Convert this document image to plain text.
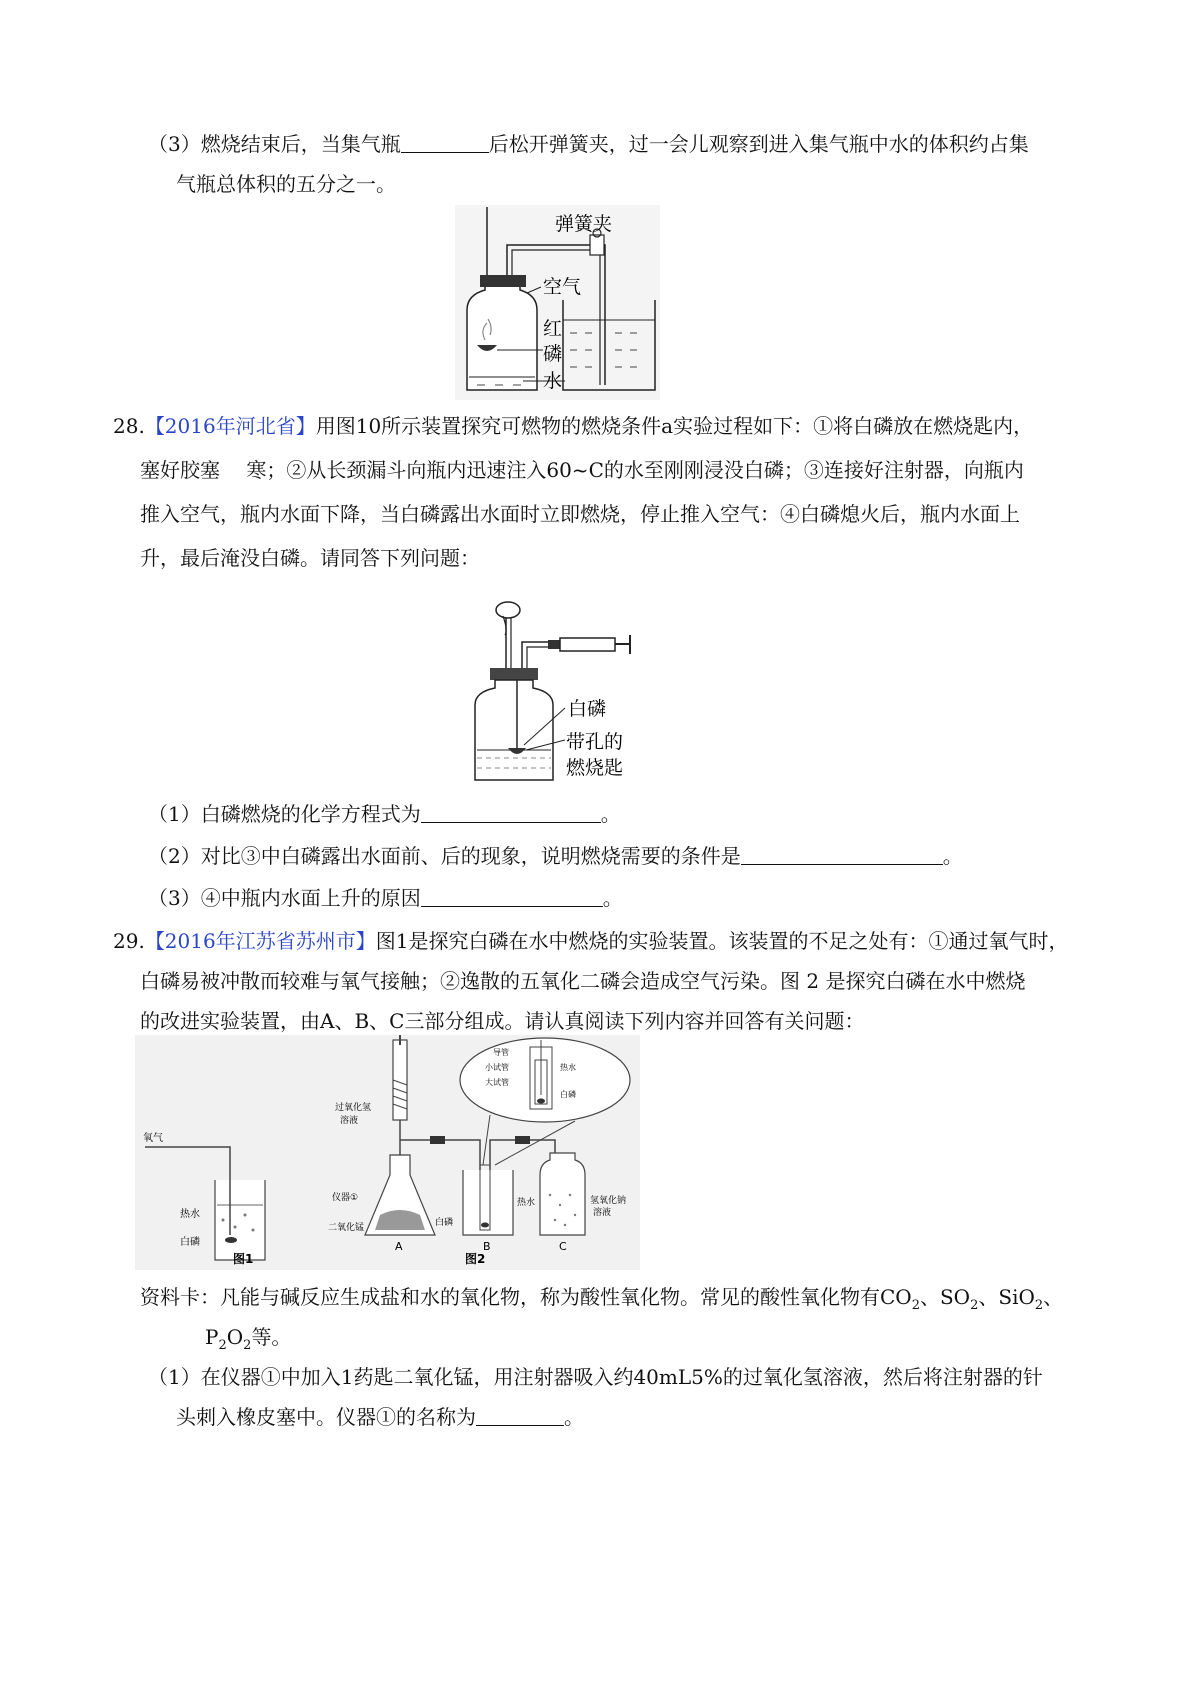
（3）燃烧结束后，当集气瓶	后松开弹簧夹，过一会儿观察到进入集气瓶中水的体积约占集
气瓶总体积的五分之一。
弹簧夹
空气
红
磷
水
28.【2016年河北省】用图10所示装置探究可燃物的燃烧条件a实验过程如下：①将白磷放在燃烧匙内，
塞好胶塞　 寒；②从长颈漏斗向瓶内迅速注入60~C的水至刚刚浸没白磷；③连接好注射器，向瓶内
推入空气，瓶内水面下降，当白磷露出水面时立即燃烧，停止推入空气：④白磷熄火后，瓶内水面上
升，最后淹没白磷。请同答下列问题：
白磷
带孔的
燃烧匙
（1）白磷燃烧的化学方程式为	。
（2）对比③中白磷露出水面前、后的现象，说明燃烧需要的条件是	。
（3）④中瓶内水面上升的原因	。
29.【2016年江苏省苏州市】图1是探究白磷在水中燃烧的实验装置。该装置的不足之处有：①通过氧气时，
白磷易被冲散而较难与氧气接触；②逸散的五氧化二磷会造成空气污染。图 2 是探究白磷在水中燃烧
的改进实验装置，由A、B、C三部分组成。请认真阅读下列内容并回答有关问题：
氧气
热水
白磷
图1
过氧化氢
溶液
仪器①
二氧化锰
A
白磷
热水
B
氢氧化钠
溶液
C
图2
导管
小试管
大试管
热水
白磷
资料卡：凡能与碱反应生成盐和水的氧化物，称为酸性氧化物。常见的酸性氧化物有$CO_2$、$SO_2$、SiO$_2$、
$P_2O_2$等。
（1）在仪器①中加入1药匙二氧化锰，用注射器吸入约40mL5%的过氧化氢溶液，然后将注射器的针
头刺入橡皮塞中。仪器①的名称为	。
